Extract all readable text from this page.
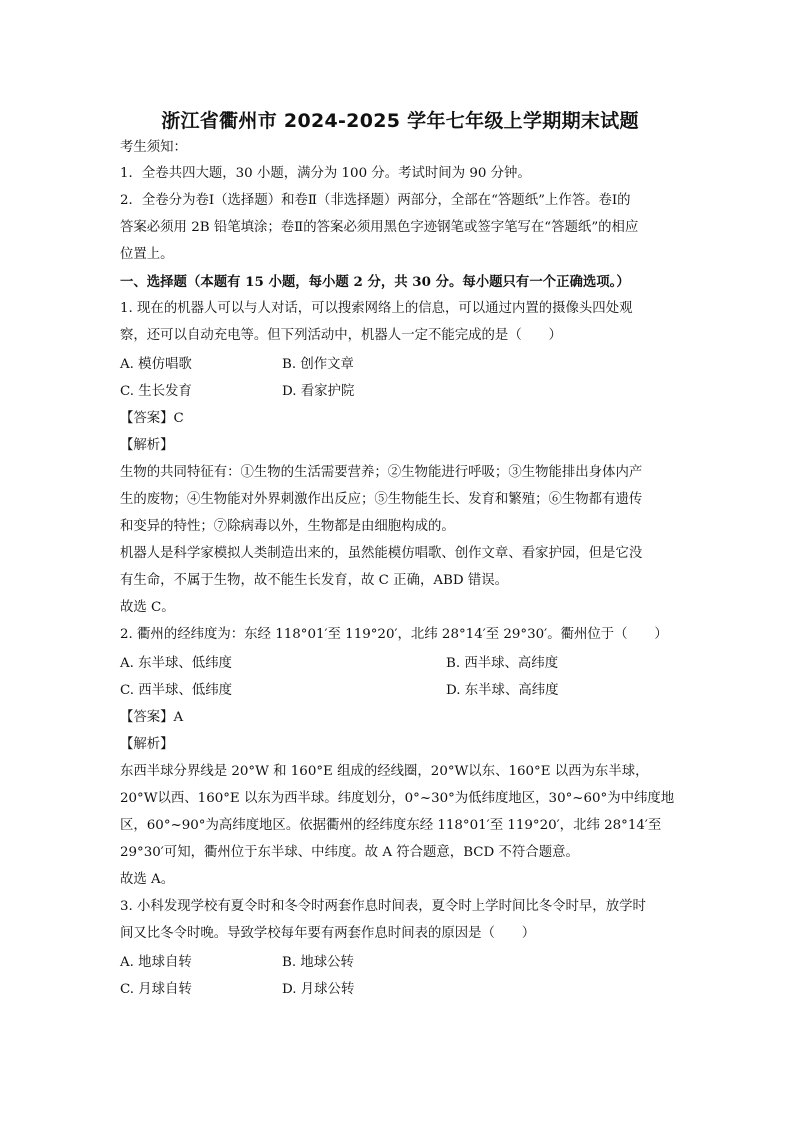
浙江省衢州市 2024-2025 学年七年级上学期期末试题
考生须知：
1．全卷共四大题，30 小题，满分为 100 分。考试时间为 90 分钟。
2．全卷分为卷Ⅰ（选择题）和卷Ⅱ（非选择题）两部分，全部在“答题纸”上作答。卷Ⅰ的
答案必须用 2B 铅笔填涂；卷Ⅱ的答案必须用黑色字迹钢笔或签字笔写在“答题纸”的相应
位置上。
一、选择题（本题有 15 小题，每小题 2 分，共 30 分。每小题只有一个正确选项。）
1. 现在的机器人可以与人对话，可以搜索网络上的信息，可以通过内置的摄像头四处观
察，还可以自动充电等。但下列活动中，机器人一定不能完成的是（　　）
A. 模仿唱歌	B. 创作文章
C. 生长发育	D. 看家护院
【答案】C
【解析】
生物的共同特征有：①生物的生活需要营养；②生物能进行呼吸；③生物能排出身体内产
生的废物；④生物能对外界刺激作出反应；⑤生物能生长、发育和繁殖；⑥生物都有遗传
和变异的特性；⑦除病毒以外，生物都是由细胞构成的。
机器人是科学家模拟人类制造出来的，虽然能模仿唱歌、创作文章、看家护园，但是它没
有生命，不属于生物，故不能生长发育，故 C 正确，ABD 错误。
故选 C。
2. 衢州的经纬度为：东经 118°01′至 119°20′，北纬 28°14′至 29°30′。衢州位于（　　）
A. 东半球、低纬度	B. 西半球、高纬度
C. 西半球、低纬度	D. 东半球、高纬度
【答案】A
【解析】
东西半球分界线是 20°W 和 160°E 组成的经线圈，20°W以东、160°E 以西为东半球，
20°W以西、160°E 以东为西半球。纬度划分，0°~30°为低纬度地区，30°~60°为中纬度地
区，60°~90°为高纬度地区。依据衢州的经纬度东经 118°01′至 119°20′，北纬 28°14′至
29°30′可知，衢州位于东半球、中纬度。故 A 符合题意，BCD 不符合题意。
故选 A。
3. 小科发现学校有夏令时和冬令时两套作息时间表，夏令时上学时间比冬令时早，放学时
间又比冬令时晚。导致学校每年要有两套作息时间表的原因是（　　）
A. 地球自转	B. 地球公转
C. 月球自转	D. 月球公转
